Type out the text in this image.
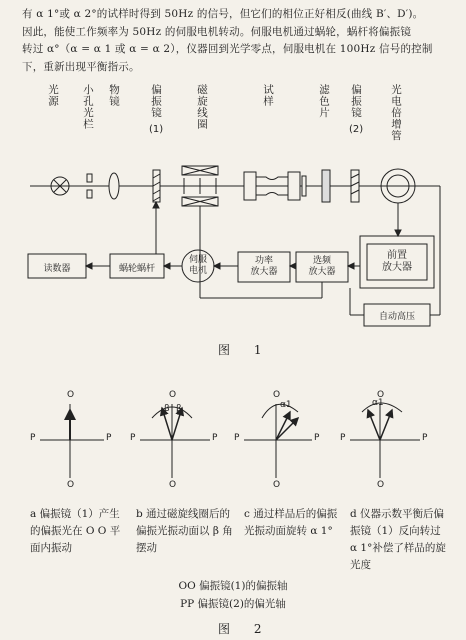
有 α 1°或 α 2°的试样时得到 50Hz 的信号，但它们的相位正好相反(曲线 B′、D′)。
因此，能使工作频率为 50Hz 的伺服电机转动。伺服电机通过蜗轮，蜗杆将偏振镜
转过 α°（α = α 1 或 α = α 2），仪器回到光学零点，伺服电机在 100Hz 信号的控制
下，重新出现平衡指示。
光源 小孔光栏 物镜	偏振镜
(1)	磁旋线圈	试样	滤色片 偏振镜
(2)	光电倍增管
读数器	蜗轮蜗杆
伺服
电机
功率
放大器
选频
放大器
前置
放大器
自动高压
图 1
P	P
O
O
P	P
O
O
β β
P	P
O
O
α1
P	P
O
O
α1
a 偏振镜（1）产生的偏振光在 O O 平面内振动
b 通过磁旋线圈后的偏振光振动面以 β 角摆动
c 通过样品后的偏振光振动面旋转 α 1°
d 仪器示数平衡后偏振镜（1）反向转过 α 1°补偿了样品的旋光度
OO 偏振镜(1)的偏振轴
PP 偏振镜(2)的偏光轴
图 2
